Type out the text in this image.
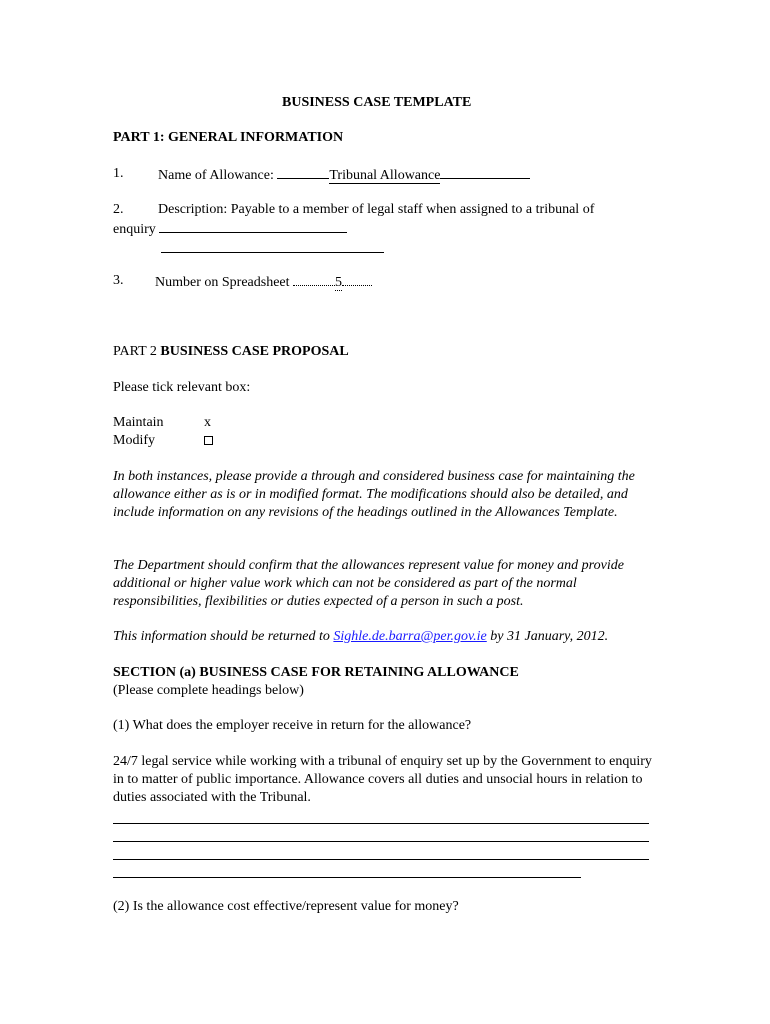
BUSINESS CASE TEMPLATE
PART 1: GENERAL INFORMATION
1. Name of Allowance:	Tribunal Allowance
2. Description: Payable to a member of legal staff when assigned to a tribunal of
enquiry
3. Number on Spreadsheet	5
PART 2 BUSINESS CASE PROPOSAL
Please tick relevant box:
Maintain	x
Modify
In both instances, please provide a through and considered business case for maintaining the allowance either as is or in modified format. The modifications should also be detailed, and include information on any revisions of the headings outlined in the Allowances Template.
The Department should confirm that the allowances represent value for money and provide additional or higher value work which can not be considered as part of the normal responsibilities, flexibilities or duties expected of a person in such a post.
This information should be returned to Sighle.de.barra@per.gov.ie by 31 January, 2012.
SECTION (a) BUSINESS CASE FOR RETAINING ALLOWANCE
(Please complete headings below)
(1) What does the employer receive in return for the allowance?
24/7 legal service while working with a tribunal of enquiry set up by the Government to enquiry in to matter of public importance. Allowance covers all duties and unsocial hours in relation to duties associated with the Tribunal.
(2) Is the allowance cost effective/represent value for money?
